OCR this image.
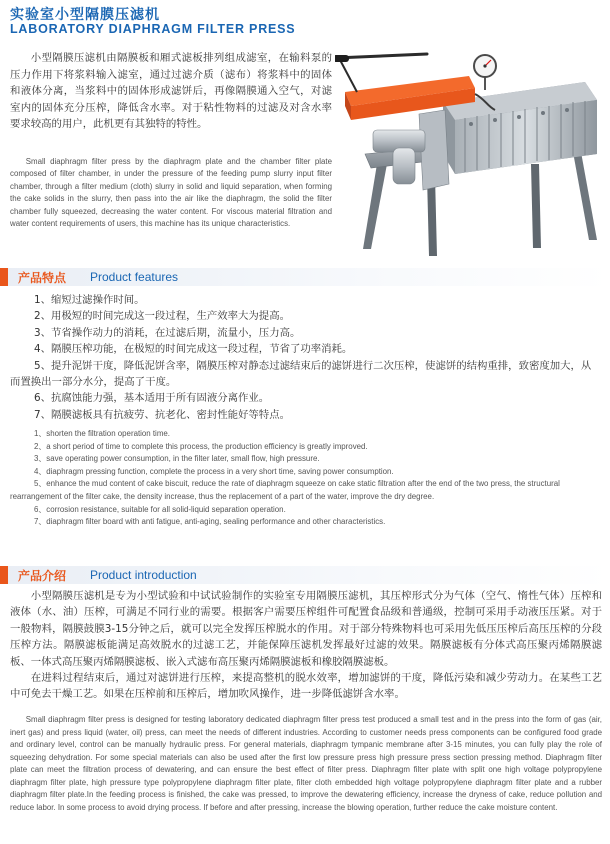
实验室小型隔膜压滤机
LABORATORY DIAPHRAGM FILTER PRESS
小型隔膜压滤机由隔膜板和厢式滤板排列组成滤室，在输料泵的压力作用下将浆料输入滤室，通过过滤介质（滤布）将浆料中的固体和液体分离，当浆料中的固体形成滤饼后，再像隔膜通入空气，对滤室内的固体充分压榨，降低含水率。对于粘性物料的过滤及对含水率要求较高的用户，此机更有其独特的特性。
Small diaphragm filter press by the diaphragm plate and the chamber filter plate composed of filter chamber, in under the pressure of the feeding pump slurry input filter chamber, through a filter medium (cloth) slurry in solid and liquid separation, when forming the cake solids in the slurry, then pass into the air like the diaphragm, the solid the filter chamber fully squeezed, decreasing the water content. For viscous material filtration and water content requirements of users, this machine has its unique characteristics.
产品特点 Product features
1、缩短过滤操作时间。
2、用极短的时间完成这一段过程，生产效率大为提高。
3、节省操作动力的消耗，在过滤后期，流量小，压力高。
4、隔膜压榨功能，在极短的时间完成这一段过程，节省了功率消耗。
5、提升泥饼干度，降低泥饼含率，隔膜压榨对静态过滤结束后的滤饼进行二次压榨，使滤饼的结构重排，致密度加大，从而置换出一部分水分，提高了干度。
6、抗腐蚀能力强，基本适用于所有固液分离作业。
7、隔膜滤板具有抗疲劳、抗老化、密封性能好等特点。
1、shorten the filtration operation time.
2、a short period of time to complete this process, the production efficiency is greatly improved.
3、save operating power consumption, in the filter later, small flow, high pressure.
4、diaphragm pressing function, complete the process in a very short time, saving power consumption.
5、enhance the mud content of cake biscuit, reduce the rate of diaphragm squeeze on cake static filtration after the end of the two press, the structural rearrangement of the filter cake, the density increase, thus the replacement of a part of the water, improve the dry degree.
6、corrosion resistance, suitable for all solid-liquid separation operation.
7、diaphragm filter board with anti fatigue, anti-aging, sealing performance and other characteristics.
产品介绍 Product introduction

小型隔膜压滤机是专为小型试验和中试试验制作的实验室专用隔膜压滤机，其压榨形式分为气体（空气、惰性气体）压榨和液体（水、油）压榨，可满足不同行业的需要。根据客户需要压榨组件可配置食品级和普通级，控制可采用手动液压压紧。对于一般物料，隔膜鼓膜3-15分钟之后，就可以完全发挥压榨脱水的作用。对于部分特殊物料也可采用先低压压榨后高压压榨的分段压榨方法。隔膜滤板能满足高效脱水的过滤工艺，并能保障压滤机发挥最好过滤的效果。隔膜滤板有分体式高压聚丙烯隔膜滤板、一体式高压聚丙烯隔膜滤板、嵌入式滤布高压聚丙烯隔膜滤板和橡胶隔膜滤板。

在进料过程结束后，通过对滤饼进行压榨，来提高整机的脱水效率，增加滤饼的干度，降低污染和减少劳动力。在某些工艺中可免去干燥工艺。如果在压榨前和压榨后，增加吹风操作，进一步降低滤饼含水率。

Small diaphragm filter press is designed for testing laboratory dedicated diaphragm filter press test produced a small test and in the press into the form of gas (air, inert gas) and press liquid (water, oil) press, can meet the needs of different industries. According to customer needs press components can be configured food grade and ordinary level, control can be manually hydraulic press. For general materials, diaphragm tympanic membrane after 3-15 minutes, you can fully play the role of squeezing dehydration. For some special materials can also be used after the first low pressure press high pressure press section pressing method. Diaphragm filter plate can meet the filtration process of dewatering, and can ensure the best effect of filter press. Diaphragm filter plate with split one high voltage polypropylene diaphragm filter plate, high pressure type polypropylene diaphragm filter plate, filter cloth embedded high voltage polypropylene diaphragm filter plate and a rubber diaphragm filter plate.In the feeding process is finished, the cake was pressed, to improve the dewatering efficiency, increase the dryness of cake, reduce pollution and reduce labor. In some process to avoid drying process. If before and after pressing, increase the blowing operation, further reduce the cake moisture content.
